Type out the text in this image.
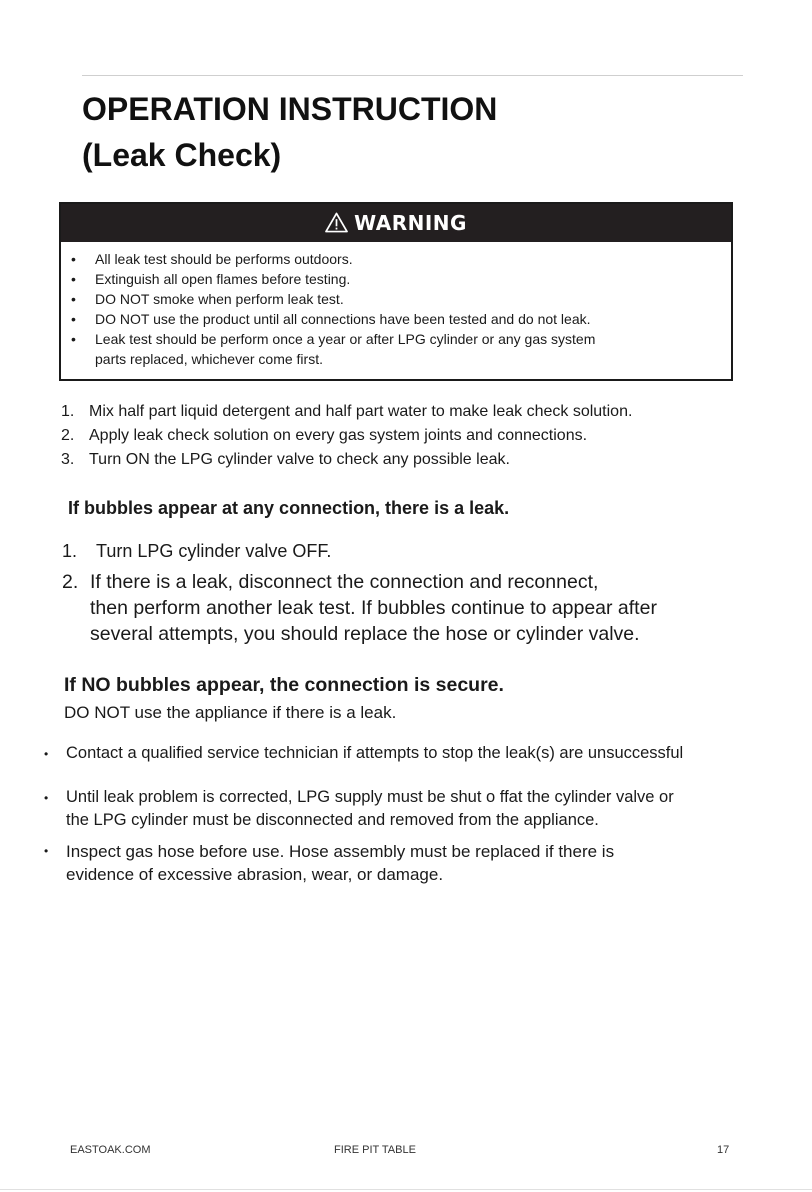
OPERATION INSTRUCTION
(Leak Check)
WARNING
• All leak test should be performs outdoors.
• Extinguish all open flames before testing.
• DO NOT smoke when perform leak test.
• DO NOT use the product until all connections have been tested and do not leak.
• Leak test should be perform once a year or after LPG cylinder or any gas system
parts replaced, whichever come first.
1. Mix half part liquid detergent and half part water to make leak check solution.
2. Apply leak check solution on every gas system joints and connections.
3. Turn ON the LPG cylinder valve to check any possible leak.

If bubbles appear at any connection, there is a leak.

1. Turn LPG cylinder valve OFF.
2. If there is a leak, disconnect the connection and reconnect,
then perform another leak test. If bubbles continue to appear after
several attempts, you should replace the hose or cylinder valve.

If NO bubbles appear, the connection is secure.

DO NOT use the appliance if there is a leak.

• Contact a qualified service technician if attempts to stop the leak(s) are unsuccessful
• Until leak problem is corrected, LPG supply must be shut o ffat the cylinder valve or
the LPG cylinder must be disconnected and removed from the appliance.
• Inspect gas hose before use. Hose assembly must be replaced if there is
evidence of excessive abrasion, wear, or damage.
EASTOAK.COM	FIRE PIT TABLE	17
